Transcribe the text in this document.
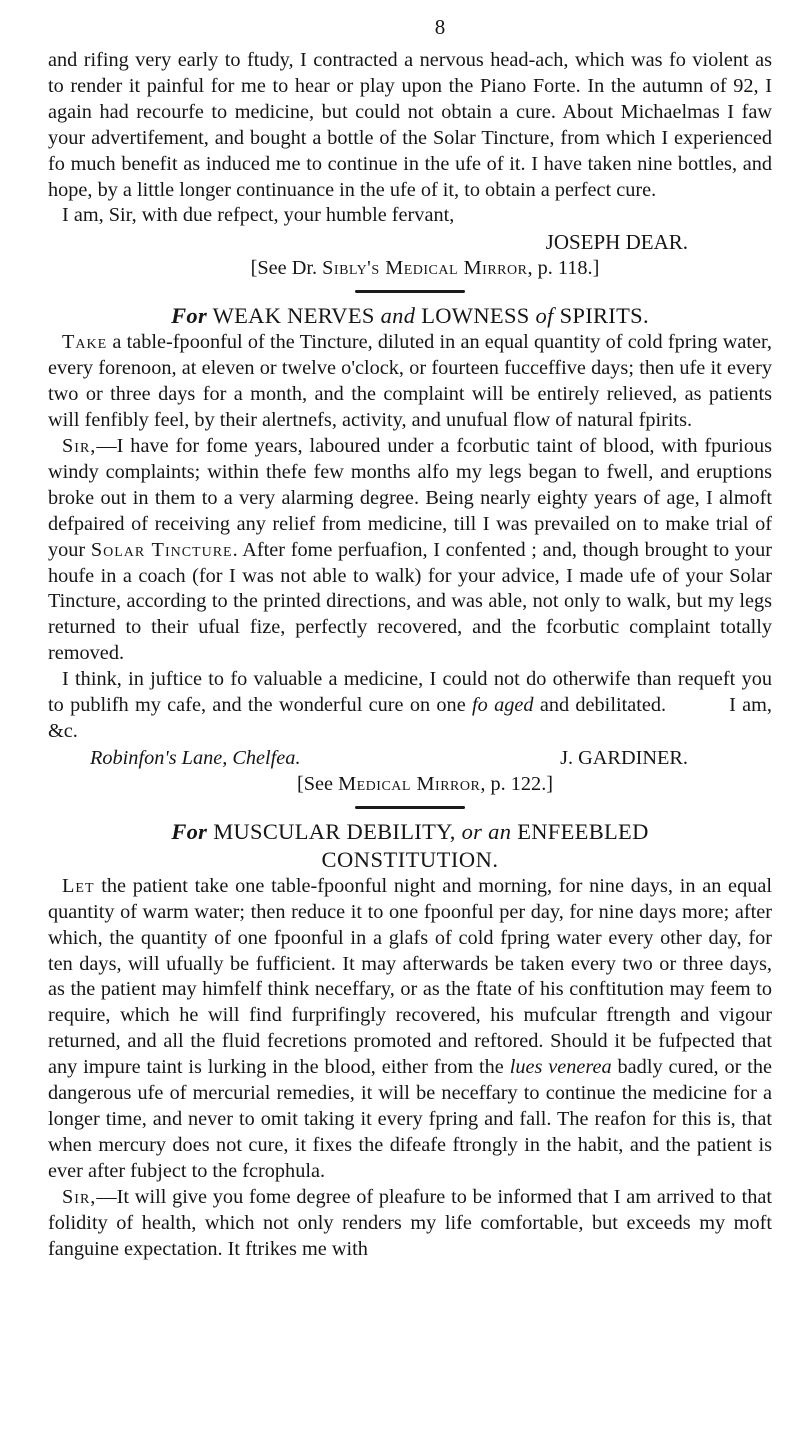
8

and rifing very early to ftudy, I contracted a nervous head-ach, which was fo violent as to render it painful for me to hear or play upon the Piano Forte. In the autumn of 92, I again had recourfe to medicine, but could not obtain a cure. About Michaelmas I faw your advertifement, and bought a bottle of the Solar Tincture, from which I experienced fo much benefit as induced me to continue in the ufe of it. I have taken nine bottles, and hope, by a little longer continuance in the ufe of it, to obtain a perfect cure.

I am, Sir, with due refpect, your humble fervant,

JOSEPH DEAR.
[See Dr. Sibly's Medical Mirror, p. 118.]
For WEAK NERVES and LOWNESS of SPIRITS.

Take a table-fpoonful of the Tincture, diluted in an equal quantity of cold fpring water, every forenoon, at eleven or twelve o'clock, or fourteen fucceffive days; then ufe it every two or three days for a month, and the complaint will be entirely relieved, as patients will fenfibly feel, by their alertnefs, activity, and unufual flow of natural fpirits.

Sir,—I have for fome years, laboured under a fcorbutic taint of blood, with fpurious windy complaints; within thefe few months alfo my legs began to fwell, and eruptions broke out in them to a very alarming degree. Being nearly eighty years of age, I almoft defpaired of receiving any relief from medicine, till I was prevailed on to make trial of your Solar Tincture. After fome perfuafion, I confented ; and, though brought to your houfe in a coach (for I was not able to walk) for your advice, I made ufe of your Solar Tincture, according to the printed directions, and was able, not only to walk, but my legs returned to their ufual fize, perfectly recovered, and the fcorbutic complaint totally removed.

I think, in juftice to fo valuable a medicine, I could not do otherwife than requeft you to publifh my cafe, and the wonderful cure on one fo aged and debilitated.          I am, &c.

Robinfon's Lane, Chelfea.	J. GARDINER.
[See Medical Mirror, p. 122.]
For MUSCULAR DEBILITY, or an ENFEEBLED
CONSTITUTION.

Let the patient take one table-fpoonful night and morning, for nine days, in an equal quantity of warm water; then reduce it to one fpoonful per day, for nine days more; after which, the quantity of one fpoonful in a glafs of cold fpring water every other day, for ten days, will ufually be fufficient. It may afterwards be taken every two or three days, as the patient may himfelf think neceffary, or as the ftate of his conftitution may feem to require, which he will find furprifingly recovered, his mufcular ftrength and vigour returned, and all the fluid fecretions promoted and reftored. Should it be fufpected that any impure taint is lurking in the blood, either from the lues venerea badly cured, or the dangerous ufe of mercurial remedies, it will be neceffary to continue the medicine for a longer time, and never to omit taking it every fpring and fall. The reafon for this is, that when mercury does not cure, it fixes the difeafe ftrongly in the habit, and the patient is ever after fubject to the fcrophula.

Sir,—It will give you fome degree of pleafure to be informed that I am arrived to that folidity of health, which not only renders my life comfortable, but exceeds my moft fanguine expectation. It ftrikes me with
